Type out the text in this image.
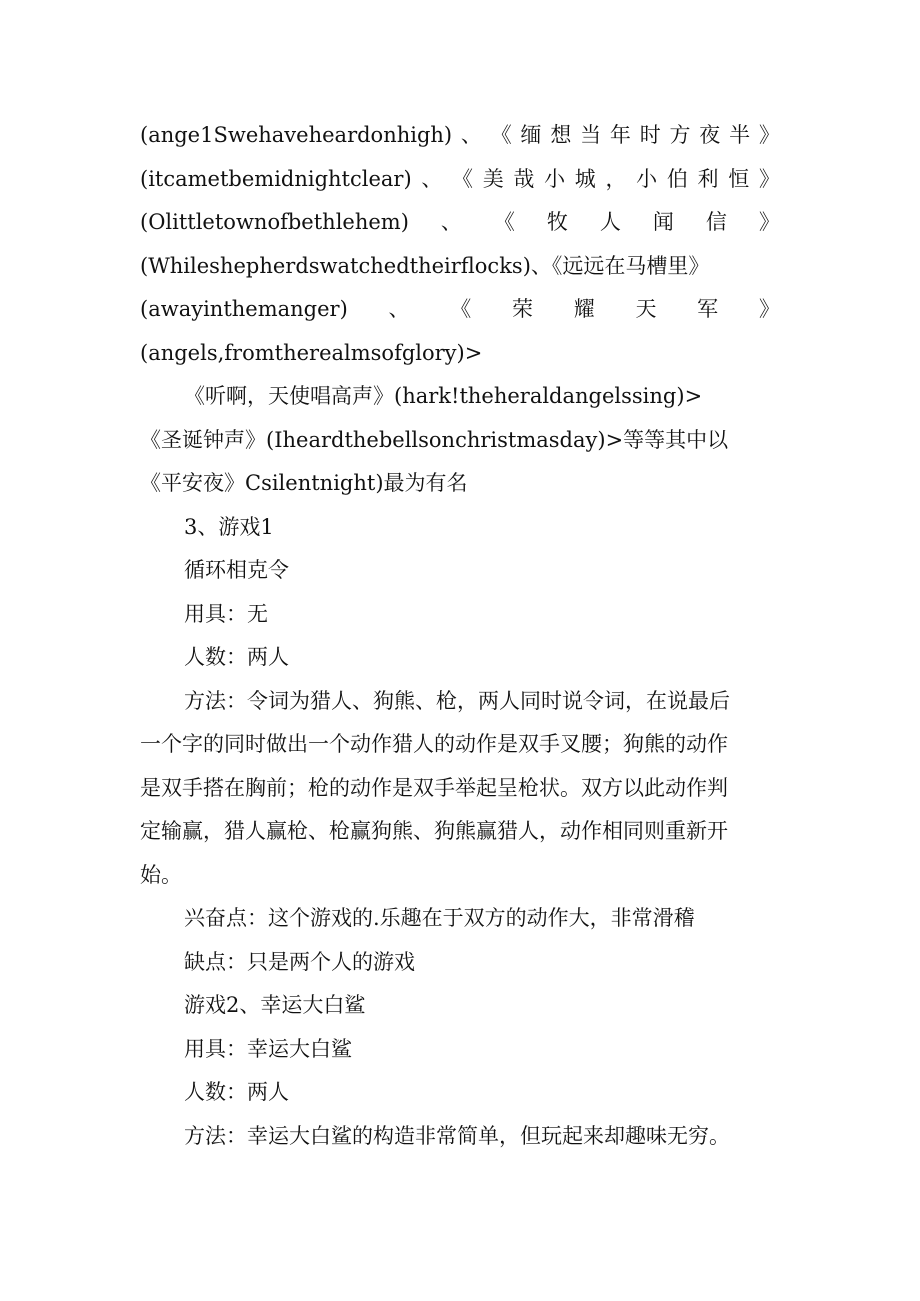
(ange1Swehaveheardonhigh) 、 《 缅 想 当 年 时 方 夜 半 》
(itcametbemidnightclear) 、 《 美 哉 小 城 ， 小 伯 利 恒 》
(Olittletownofbethlehem) 、 《 牧 人 闻 信 》
(Whileshepherdswatchedtheirflocks)、《远远在马槽里》
(awayinthemanger) 、 《 荣 耀 天 军 》
(angels,fromtherealmsofglory)>
《听啊，天使唱高声》(hark!theheraldangelssing)>
《圣诞钟声》(Iheardthebellsonchristmasday)>等等其中以
《平安夜》Csilentnight)最为有名
3、游戏1
循环相克令
用具：无
人数：两人
方法：令词为猎人、狗熊、枪，两人同时说令词，在说最后
一个字的同时做出一个动作猎人的动作是双手叉腰；狗熊的动作
是双手搭在胸前；枪的动作是双手举起呈枪状。双方以此动作判
定输赢，猎人赢枪、枪赢狗熊、狗熊赢猎人，动作相同则重新开
始。
兴奋点：这个游戏的.乐趣在于双方的动作大，非常滑稽
缺点：只是两个人的游戏
游戏2、幸运大白鲨
用具：幸运大白鲨
人数：两人
方法：幸运大白鲨的构造非常简单，但玩起来却趣味无穷。
